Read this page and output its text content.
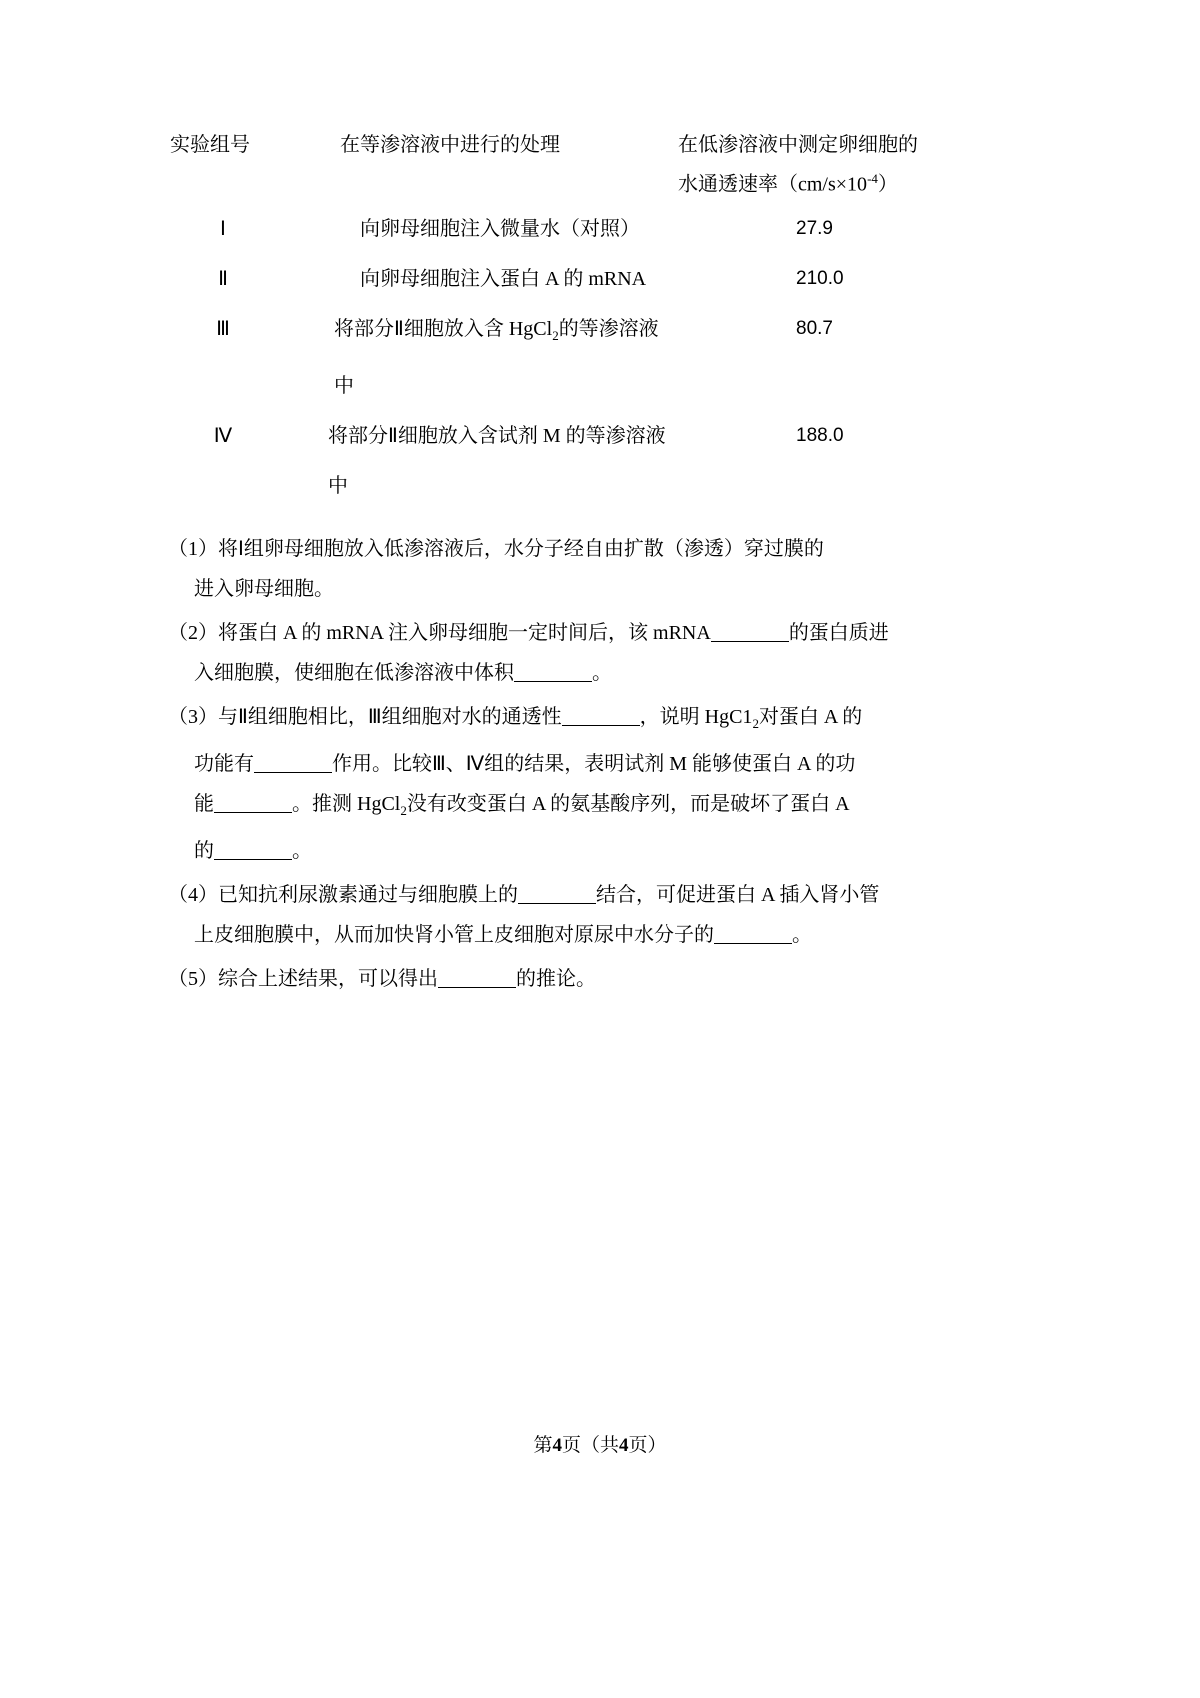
实验组号	在等渗溶液中进行的处理	在低渗溶液中测定卵细胞的
水通透速率$(cm/s\times 10^{-4})$

Ⅰ	向卵母细胞注入微量水（对照）	27.9

Ⅱ	向卵母细胞注入蛋白 A 的 mRNA	210.0

Ⅲ	将部分Ⅱ细胞放入含 HgCl$_2$的等渗溶液中	80.7

Ⅳ	将部分Ⅱ细胞放入含试剂 M 的等渗溶液中	188.0
（1）将Ⅰ组卵母细胞放入低渗溶液后，水分子经自由扩散（渗透）穿过膜的
进入卵母细胞。
（2）将蛋白 A 的 mRNA 注入卵母细胞一定时间后，该 mRNA	的蛋白质进
入细胞膜，使细胞在低渗溶液中体积	。
（3）与Ⅱ组细胞相比，Ⅲ组细胞对水的通透性	，说明 $HgC1_2$对蛋白 A 的
功能有	作用。比较Ⅲ、Ⅳ组的结果，表明试剂 M 能够使蛋白 A 的功
能	。推测 HgCl$_2$没有改变蛋白 A 的氨基酸序列，而是破坏了蛋白 A
的	。
（4）已知抗利尿激素通过与细胞膜上的	结合，可促进蛋白 A 插入肾小管
上皮细胞膜中，从而加快肾小管上皮细胞对原尿中水分子的	。
（5）综合上述结果，可以得出	的推论。
第4页（共4页）
